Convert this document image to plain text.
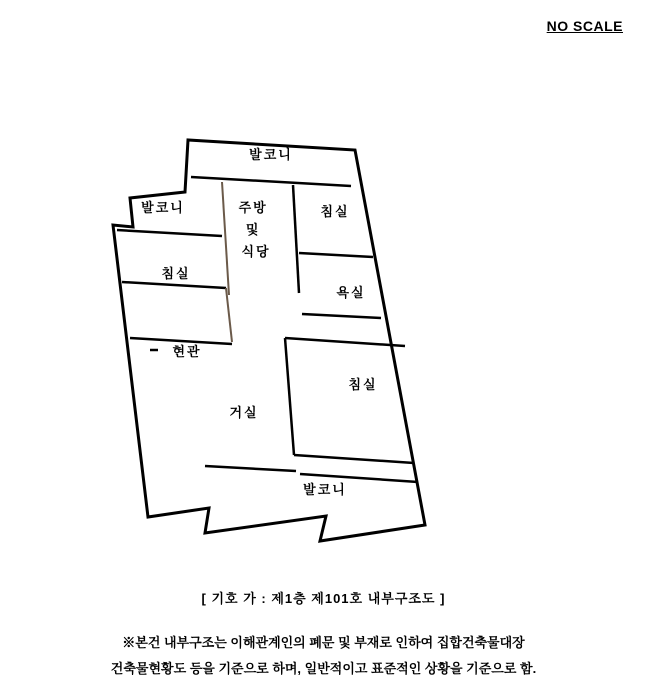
NO SCALE
발코니
발코니	주방 및 식당
침실
침실
욕실
현관
침실
거실
발코니
[ 기호 가 : 제1층 제101호 내부구조도 ]
※본건 내부구조는 이해관계인의 폐문 및 부재로 인하여 집합건축물대장
건축물현황도 등을 기준으로 하며, 일반적이고 표준적인 상황을 기준으로 함.
